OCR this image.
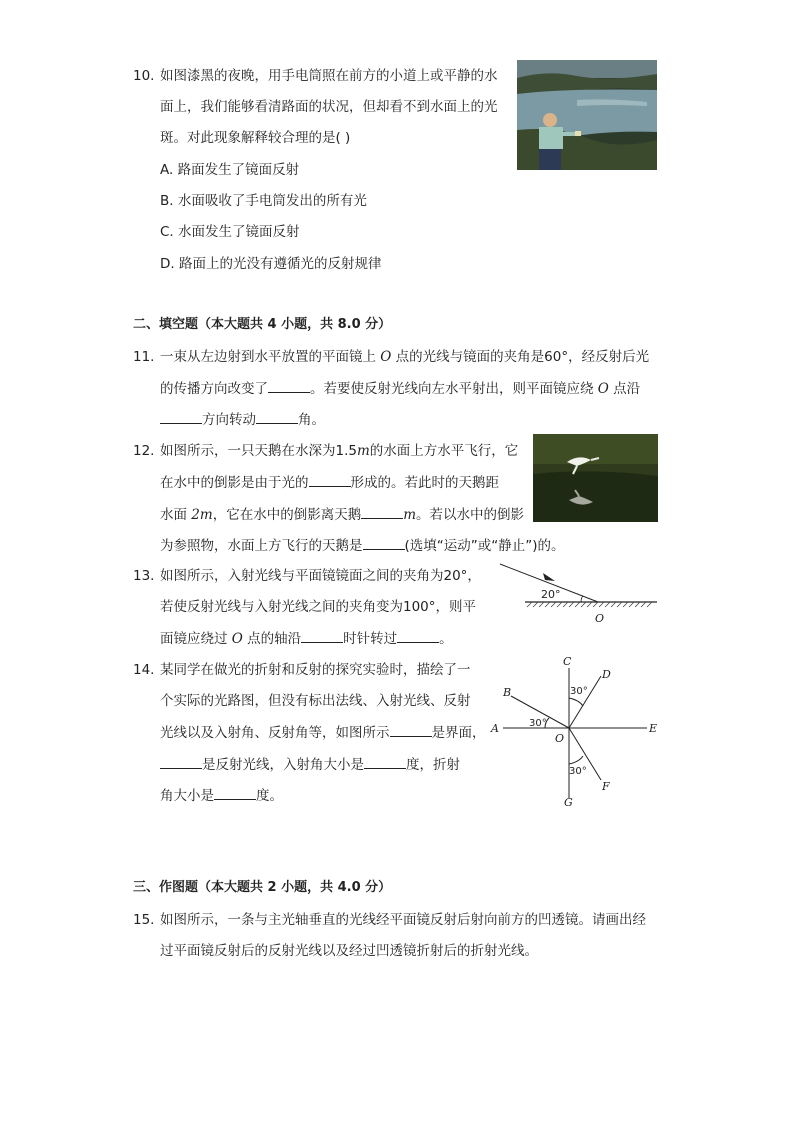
10. 如图漆黑的夜晚，用手电筒照在前方的小道上或平静的水
面上，我们能够看清路面的状况，但却看不到水面上的光
斑。对此现象解释较合理的是( )
A. 路面发生了镜面反射
B. 水面吸收了手电筒发出的所有光
C. 水面发生了镜面反射
D. 路面上的光没有遵循光的反射规律
二、填空题（本大题共 4 小题，共 8.0 分）
11. 一束从左边射到水平放置的平面镜上 O 点的光线与镜面的夹角是60°，经反射后光
的传播方向改变了	。若要使反射光线向左水平射出，则平面镜应绕 O 点沿
方向转动	角。
12. 如图所示，一只天鹅在水深为1.5m的水面上方水平飞行，它
在水中的倒影是由于光的	形成的。若此时的天鹅距
水面 2m，它在水中的倒影离天鹅	m。若以水中的倒影
为参照物，水面上方飞行的天鹅是	(选填“运动”或“静止”)的。
13. 如图所示，入射光线与平面镜镜面之间的夹角为20°，
若使反射光线与入射光线之间的夹角变为100°，则平
面镜应绕过 O 点的轴沿	时针转过	。
20°
O
14. 某同学在做光的折射和反射的探究实验时，描绘了一
个实际的光路图，但没有标出法线、入射光线、反射
光线以及入射角、反射角等，如图所示	是界面，
是反射光线，入射角大小是	度，折射
角大小是	度。
C
D
B
A	E
O
F
G
30°
30°
30°
三、作图题（本大题共 2 小题，共 4.0 分）
15. 如图所示，一条与主光轴垂直的光线经平面镜反射后射向前方的凹透镜。请画出经
过平面镜反射后的反射光线以及经过凹透镜折射后的折射光线。
